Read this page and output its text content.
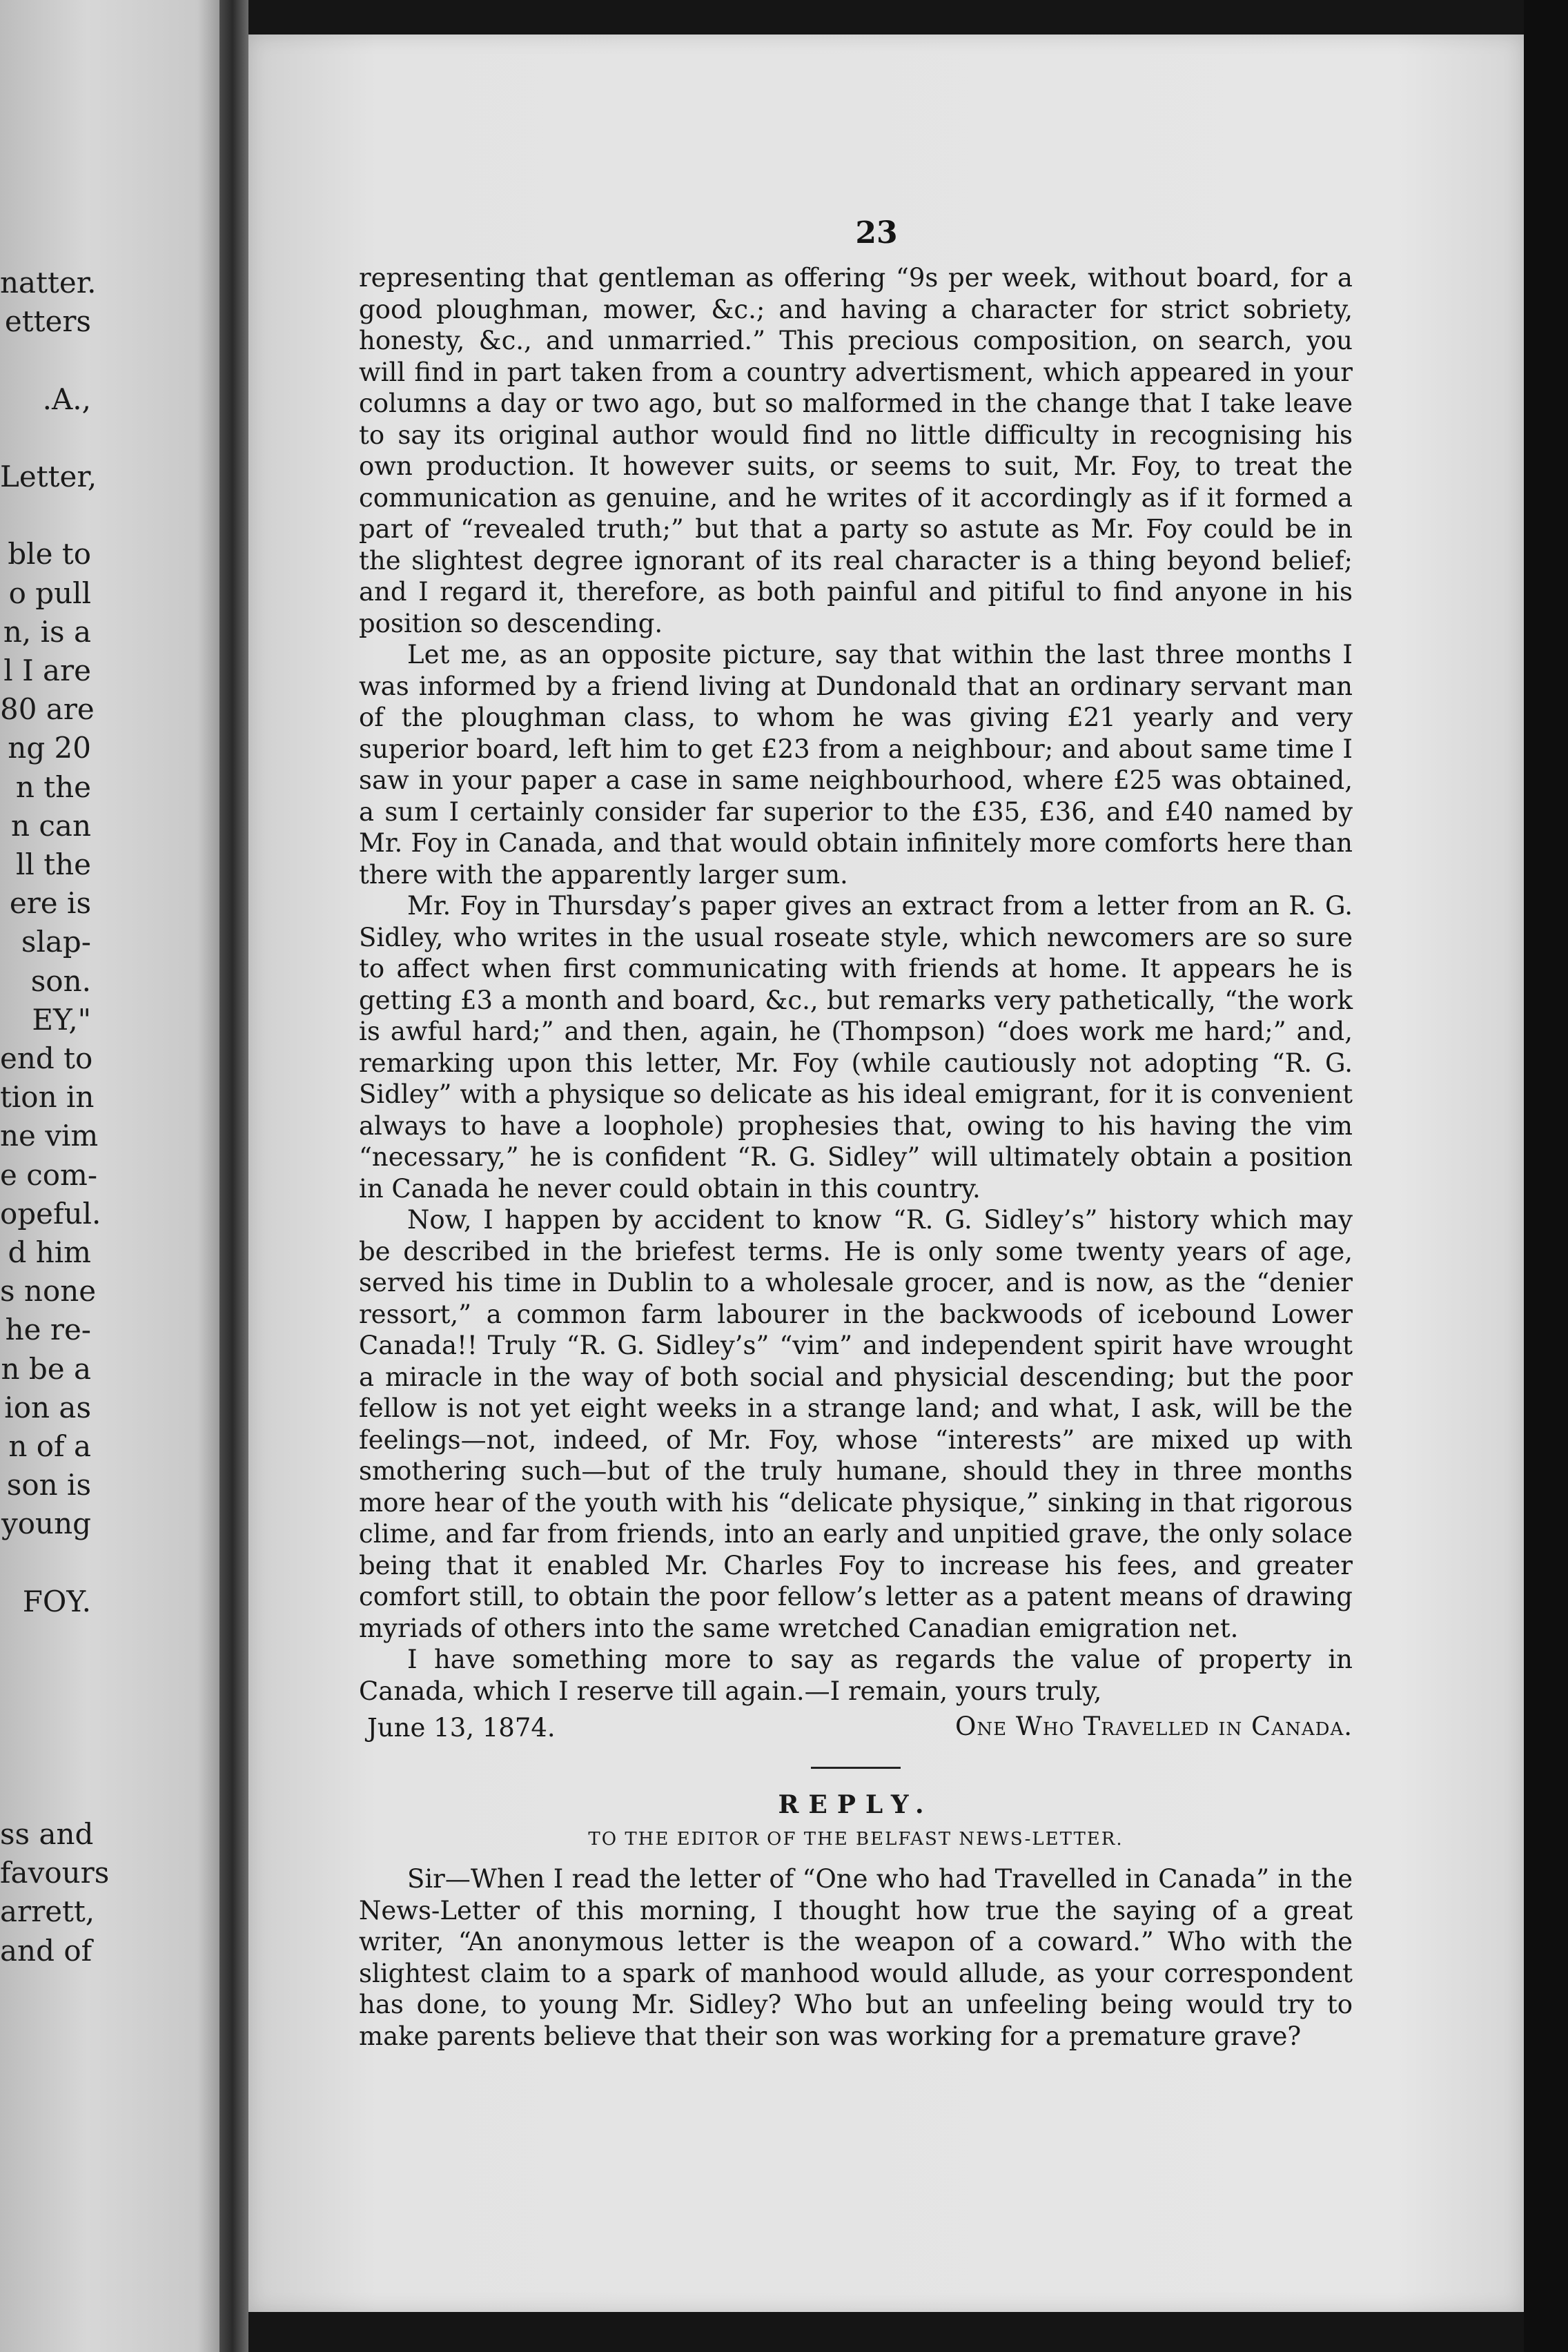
natter.
etters
.A.,
Letter,
ble to
o pull
n, is a
l I are
80 are
ng 20
n the
n can
ll the
ere is
slap-
son.
EY,"
end to
tion in
ne vim
e com-
opeful.
d him
s none
he re-
n be a
ion as
n of a
son is
young
FOY.
ss and
favours
arrett,
and of
23

representing that gentleman as offering “9s per week, without board, for a good ploughman, mower, &c.; and having a character for strict sobriety, honesty, &c., and unmarried.” This precious composition, on search, you will find in part taken from a country advertisment, which appeared in your columns a day or two ago, but so malformed in the change that I take leave to say its original author would find no little difficulty in recognising his own production. It however suits, or seems to suit, Mr. Foy, to treat the communication as genuine, and he writes of it accordingly as if it formed a part of “revealed truth;” but that a party so astute as Mr. Foy could be in the slightest degree ignorant of its real character is a thing beyond belief; and I regard it, therefore, as both painful and pitiful to find anyone in his position so descending.

Let me, as an opposite picture, say that within the last three months I was informed by a friend living at Dundonald that an ordinary servant man of the ploughman class, to whom he was giving £21 yearly and very superior board, left him to get £23 from a neighbour; and about same time I saw in your paper a case in same neighbourhood, where £25 was obtained, a sum I certainly consider far superior to the £35, £36, and £40 named by Mr. Foy in Canada, and that would obtain infinitely more comforts here than there with the apparently larger sum.

Mr. Foy in Thursday’s paper gives an extract from a letter from an R. G. Sidley, who writes in the usual roseate style, which newcomers are so sure to affect when first communicating with friends at home. It appears he is getting £3 a month and board, &c., but remarks very pathetically, “the work is awful hard;” and then, again, he (Thompson) “does work me hard;” and, remarking upon this letter, Mr. Foy (while cautiously not adopting “R. G. Sidley” with a physique so delicate as his ideal emigrant, for it is convenient always to have a loophole) prophesies that, owing to his having the vim “necessary,” he is confident “R. G. Sidley” will ultimately obtain a position in Canada he never could obtain in this country.

Now, I happen by accident to know “R. G. Sidley’s” history which may be described in the briefest terms. He is only some twenty years of age, served his time in Dublin to a wholesale grocer, and is now, as the “denier ressort,” a common farm labourer in the backwoods of icebound Lower Canada!! Truly “R. G. Sidley’s” “vim” and independent spirit have wrought a miracle in the way of both social and physicial descending; but the poor fellow is not yet eight weeks in a strange land; and what, I ask, will be the feelings—not, indeed, of Mr. Foy, whose “interests” are mixed up with smothering such—but of the truly humane, should they in three months more hear of the youth with his “delicate physique,” sinking in that rigorous clime, and far from friends, into an early and unpitied grave, the only solace being that it enabled Mr. Charles Foy to increase his fees, and greater comfort still, to obtain the poor fellow’s letter as a patent means of drawing myriads of others into the same wretched Canadian emigration net.

I have something more to say as regards the value of property in Canada, which I reserve till again.—I remain, yours truly,

One Who Travelled in Canada.
June 13, 1874.
REPLY.
TO THE EDITOR OF THE BELFAST NEWS-LETTER.

Sir—When I read the letter of “One who had Travelled in Canada” in the News-Letter of this morning, I thought how true the saying of a great writer, “An anonymous letter is the weapon of a coward.” Who with the slightest claim to a spark of manhood would allude, as your correspondent has done, to young Mr. Sidley? Who but an unfeeling being would try to make parents believe that their son was working for a premature grave?
